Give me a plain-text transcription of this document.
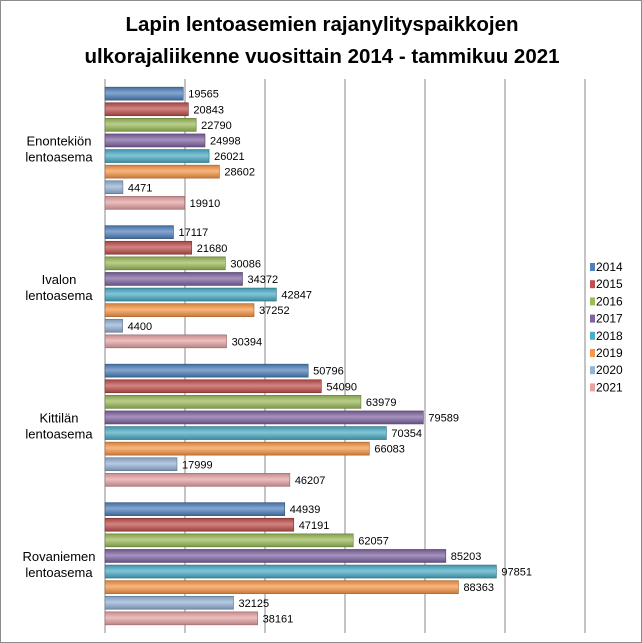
Lapin lentoasemien rajanylityspaikkojen
ulkorajaliikenne vuosittain 2014 - tammikuu 2021
19565
20843
22790
24998
26021
28602
4471
19910
17117
21680
30086
34372
42847
37252
4400
30394
50796
54090
63979
79589
70354
66083
17999
46207
44939
47191
62057
85203
97851
88363
32125
38161
Enontekiön
lentoasema
Ivalon
lentoasema
Kittilän
lentoasema
Rovaniemen
lentoasema
2014
2015
2016
2017
2018
2019
2020
2021
